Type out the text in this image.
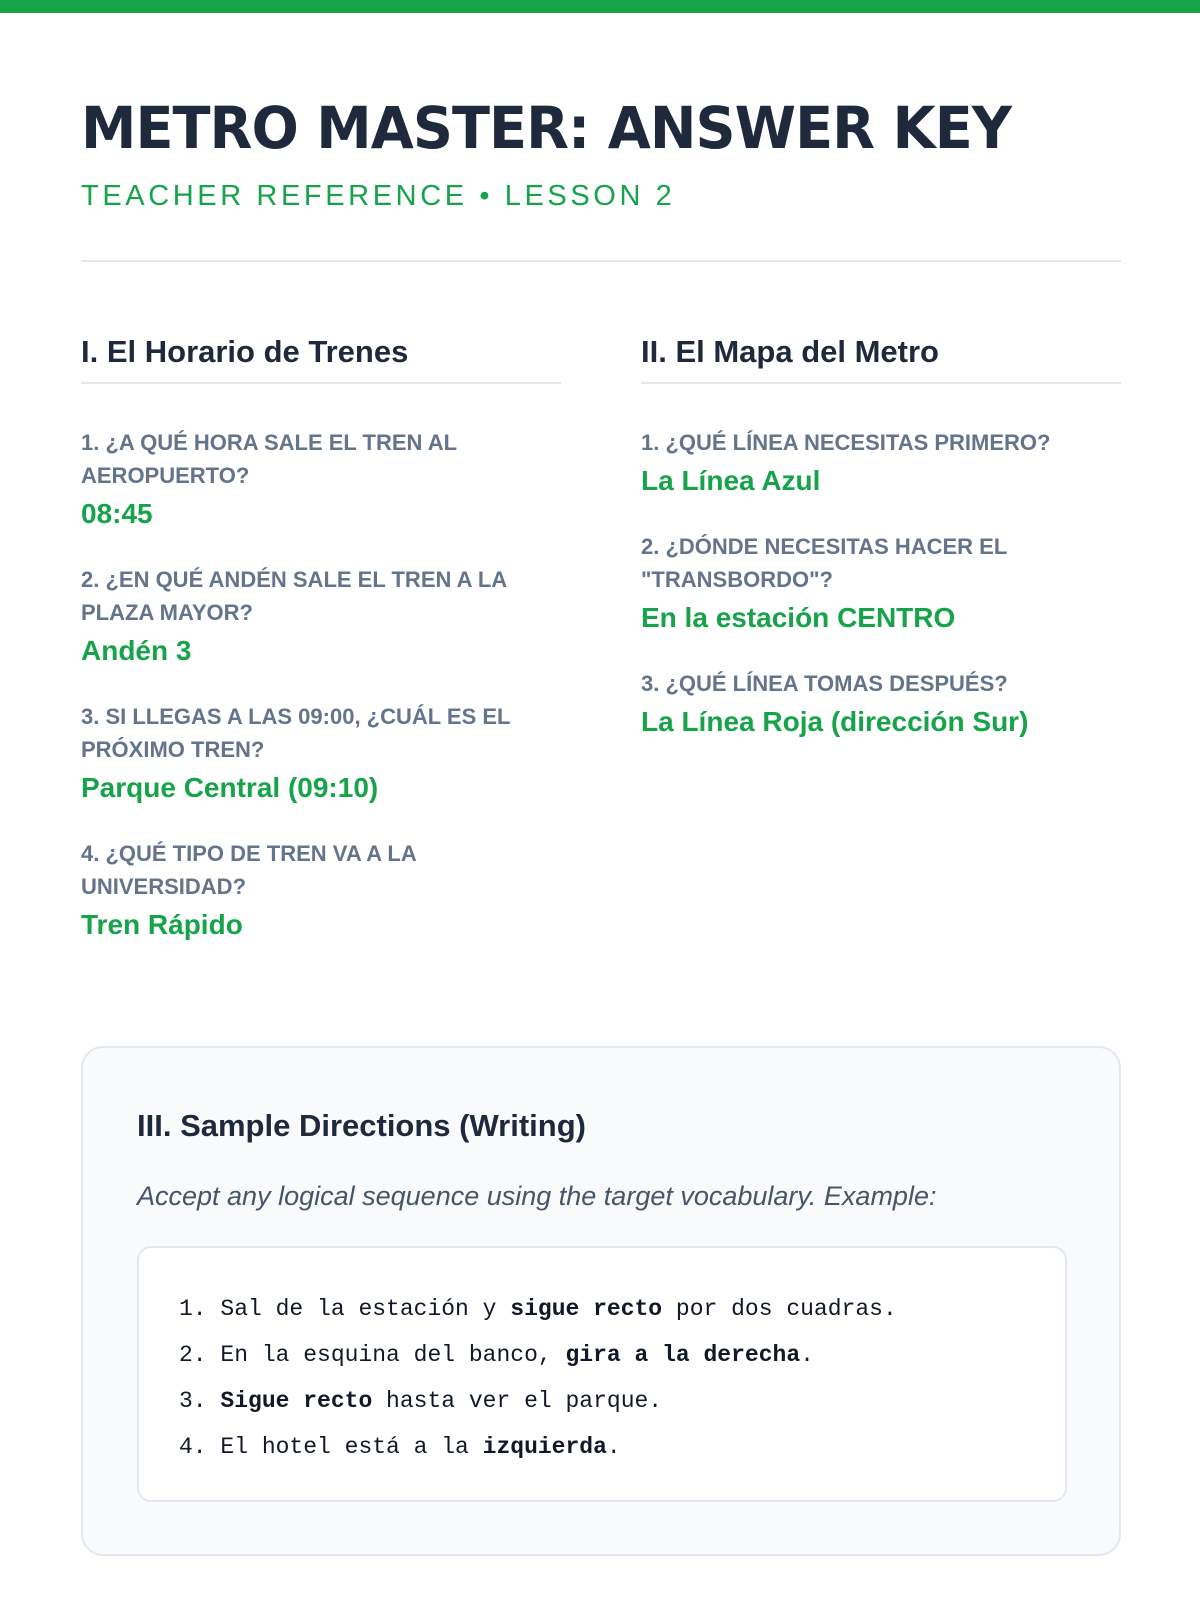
METRO MASTER: ANSWER KEY
TEACHER REFERENCE • LESSON 2
I. El Horario de Trenes
1. ¿A QUÉ HORA SALE EL TREN AL AEROPUERTO?
08:45
2. ¿EN QUÉ ANDÉN SALE EL TREN A LA PLAZA MAYOR?
Andén 3
3. SI LLEGAS A LAS 09:00, ¿CUÁL ES EL PRÓXIMO TREN?
Parque Central (09:10)
4. ¿QUÉ TIPO DE TREN VA A LA UNIVERSIDAD?
Tren Rápido
II. El Mapa del Metro
1. ¿QUÉ LÍNEA NECESITAS PRIMERO?
La Línea Azul
2. ¿DÓNDE NECESITAS HACER EL "TRANSBORDO"?
En la estación CENTRO
3. ¿QUÉ LÍNEA TOMAS DESPUÉS?
La Línea Roja (dirección Sur)
III. Sample Directions (Writing)
Accept any logical sequence using the target vocabulary. Example:
1. Sal de la estación y sigue recto por dos cuadras.
2. En la esquina del banco, gira a la derecha.
3. Sigue recto hasta ver el parque.
4. El hotel está a la izquierda.
